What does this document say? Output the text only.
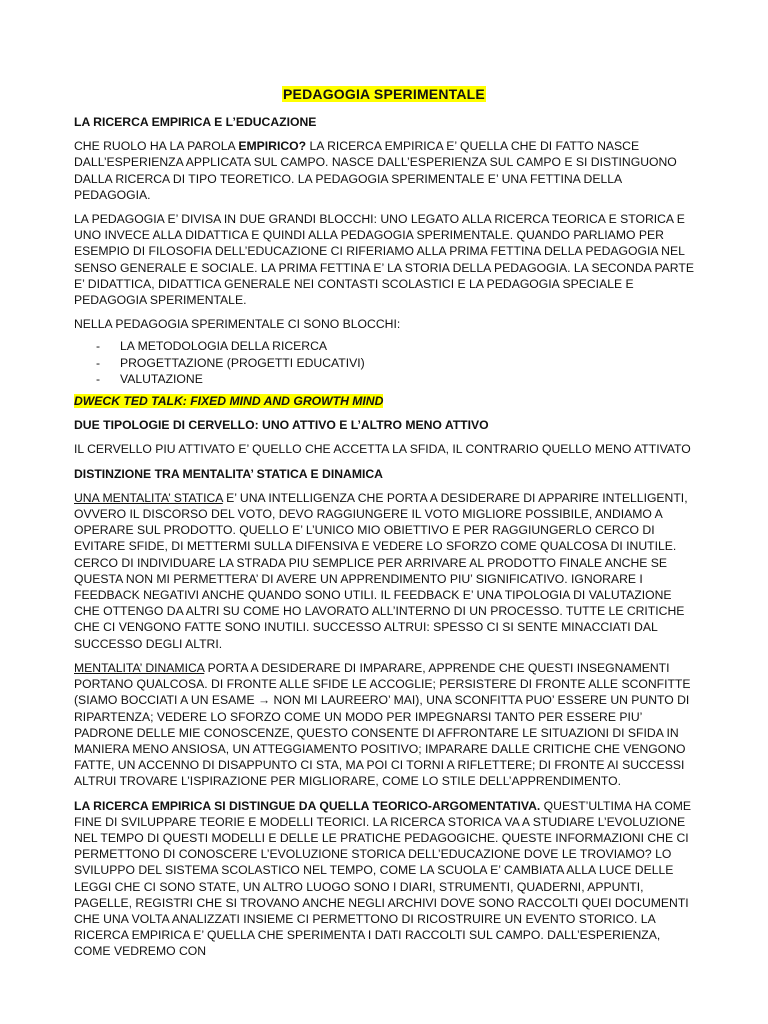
PEDAGOGIA SPERIMENTALE

LA RICERCA EMPIRICA E L’EDUCAZIONE

CHE RUOLO HA LA PAROLA EMPIRICO? LA RICERCA EMPIRICA E’ QUELLA CHE DI FATTO NASCE DALL’ESPERIENZA APPLICATA SUL CAMPO. NASCE DALL’ESPERIENZA SUL CAMPO E SI DISTINGUONO DALLA RICERCA DI TIPO TEORETICO. LA PEDAGOGIA SPERIMENTALE E’ UNA FETTINA DELLA PEDAGOGIA.

LA PEDAGOGIA E’ DIVISA IN DUE GRANDI BLOCCHI: UNO LEGATO ALLA RICERCA TEORICA E STORICA E UNO INVECE ALLA DIDATTICA E QUINDI ALLA PEDAGOGIA SPERIMENTALE. QUANDO PARLIAMO PER ESEMPIO DI FILOSOFIA DELL’EDUCAZIONE CI RIFERIAMO ALLA PRIMA FETTINA DELLA PEDAGOGIA NEL SENSO GENERALE E SOCIALE. LA PRIMA FETTINA E’ LA STORIA DELLA PEDAGOGIA. LA SECONDA PARTE E’ DIDATTICA, DIDATTICA GENERALE NEI CONTASTI SCOLASTICI E LA PEDAGOGIA SPECIALE E PEDAGOGIA SPERIMENTALE.

NELLA PEDAGOGIA SPERIMENTALE CI SONO BLOCCHI:

- LA METODOLOGIA DELLA RICERCA
- PROGETTAZIONE (PROGETTI EDUCATIVI)
- VALUTAZIONE

DWECK TED TALK: FIXED MIND AND GROWTH MIND

DUE TIPOLOGIE DI CERVELLO: UNO ATTIVO E L’ALTRO MENO ATTIVO

IL CERVELLO PIU ATTIVATO E’ QUELLO CHE ACCETTA LA SFIDA, IL CONTRARIO QUELLO MENO ATTIVATO

DISTINZIONE TRA MENTALITA’ STATICA E DINAMICA

UNA MENTALITA’ STATICA E’ UNA INTELLIGENZA CHE PORTA A DESIDERARE DI APPARIRE INTELLIGENTI, OVVERO IL DISCORSO DEL VOTO, DEVO RAGGIUNGERE IL VOTO MIGLIORE POSSIBILE, ANDIAMO A OPERARE SUL PRODOTTO. QUELLO E’ L’UNICO MIO OBIETTIVO E PER RAGGIUNGERLO CERCO DI EVITARE SFIDE, DI METTERMI SULLA DIFENSIVA E VEDERE LO SFORZO COME QUALCOSA DI INUTILE. CERCO DI INDIVIDUARE LA STRADA PIU SEMPLICE PER ARRIVARE AL PRODOTTO FINALE ANCHE SE QUESTA NON MI PERMETTERA’ DI AVERE UN APPRENDIMENTO PIU’ SIGNIFICATIVO. IGNORARE I FEEDBACK NEGATIVI ANCHE QUANDO SONO UTILI. IL FEEDBACK E’ UNA TIPOLOGIA DI VALUTAZIONE CHE OTTENGO DA ALTRI SU COME HO LAVORATO ALL’INTERNO DI UN PROCESSO. TUTTE LE CRITICHE CHE CI VENGONO FATTE SONO INUTILI. SUCCESSO ALTRUI: SPESSO CI SI SENTE MINACCIATI DAL SUCCESSO DEGLI ALTRI.

MENTALITA’ DINAMICA PORTA A DESIDERARE DI IMPARARE, APPRENDE CHE QUESTI INSEGNAMENTI PORTANO QUALCOSA. DI FRONTE ALLE SFIDE LE ACCOGLIE; PERSISTERE DI FRONTE ALLE SCONFITTE (SIAMO BOCCIATI A UN ESAME → NON MI LAUREERO’ MAI), UNA SCONFITTA PUO’ ESSERE UN PUNTO DI RIPARTENZA; VEDERE LO SFORZO COME UN MODO PER IMPEGNARSI TANTO PER ESSERE PIU’ PADRONE DELLE MIE CONOSCENZE, QUESTO CONSENTE DI AFFRONTARE LE SITUAZIONI DI SFIDA IN MANIERA MENO ANSIOSA, UN ATTEGGIAMENTO POSITIVO; IMPARARE DALLE CRITICHE CHE VENGONO FATTE, UN ACCENNO DI DISAPPUNTO CI STA, MA POI CI TORNI A RIFLETTERE; DI FRONTE AI SUCCESSI ALTRUI TROVARE L’ISPIRAZIONE PER MIGLIORARE, COME LO STILE DELL’APPRENDIMENTO.

LA RICERCA EMPIRICA SI DISTINGUE DA QUELLA TEORICO-ARGOMENTATIVA. QUEST’ULTIMA HA COME FINE DI SVILUPPARE TEORIE E MODELLI TEORICI. LA RICERCA STORICA VA A STUDIARE L’EVOLUZIONE NEL TEMPO DI QUESTI MODELLI E DELLE LE PRATICHE PEDAGOGICHE. QUESTE INFORMAZIONI CHE CI PERMETTONO DI CONOSCERE L’EVOLUZIONE STORICA DELL’EDUCAZIONE DOVE LE TROVIAMO? LO SVILUPPO DEL SISTEMA SCOLASTICO NEL TEMPO, COME LA SCUOLA E’ CAMBIATA ALLA LUCE DELLE LEGGI CHE CI SONO STATE, UN ALTRO LUOGO SONO I DIARI, STRUMENTI, QUADERNI, APPUNTI, PAGELLE, REGISTRI CHE SI TROVANO ANCHE NEGLI ARCHIVI DOVE SONO RACCOLTI QUEI DOCUMENTI CHE UNA VOLTA ANALIZZATI INSIEME CI PERMETTONO DI RICOSTRUIRE UN EVENTO STORICO. LA RICERCA EMPIRICA E’ QUELLA CHE SPERIMENTA I DATI RACCOLTI SUL CAMPO. DALL’ESPERIENZA, COME VEDREMO CON
